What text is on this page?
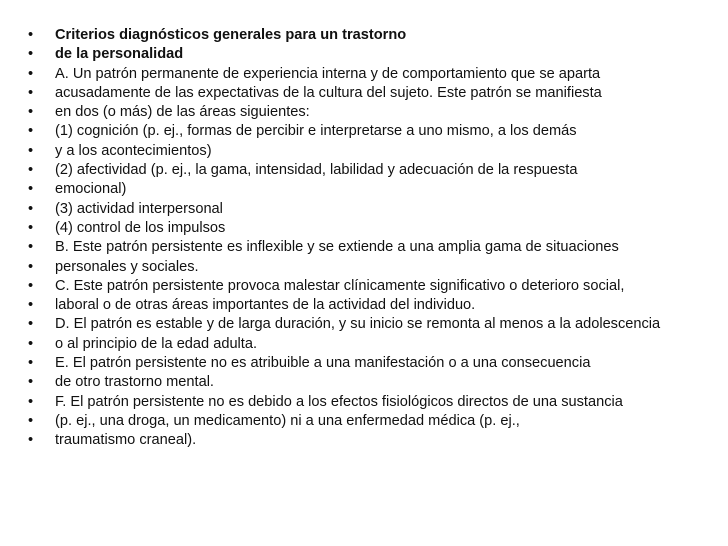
• Criterios diagnósticos generales para un trastorno
• de la personalidad
• A. Un patrón permanente de experiencia interna y de comportamiento que se aparta
• acusadamente de las expectativas de la cultura del sujeto. Este patrón se manifiesta
• en dos (o más) de las áreas siguientes:
• (1) cognición (p. ej., formas de percibir e interpretarse a uno mismo, a los demás
• y a los acontecimientos)
• (2) afectividad (p. ej., la gama, intensidad, labilidad y adecuación de la respuesta
• emocional)
• (3) actividad interpersonal
• (4) control de los impulsos
• B. Este patrón persistente es inflexible y se extiende a una amplia gama de situaciones
• personales y sociales.
• C. Este patrón persistente provoca malestar clínicamente significativo o deterioro social,
• laboral o de otras áreas importantes de la actividad del individuo.
• D. El patrón es estable y de larga duración, y su inicio se remonta al menos a la adolescencia
• o al principio de la edad adulta.
• E. El patrón persistente no es atribuible a una manifestación o a una consecuencia
• de otro trastorno mental.
• F. El patrón persistente no es debido a los efectos fisiológicos directos de una sustancia
• (p. ej., una droga, un medicamento) ni a una enfermedad médica (p. ej.,
• traumatismo craneal).
